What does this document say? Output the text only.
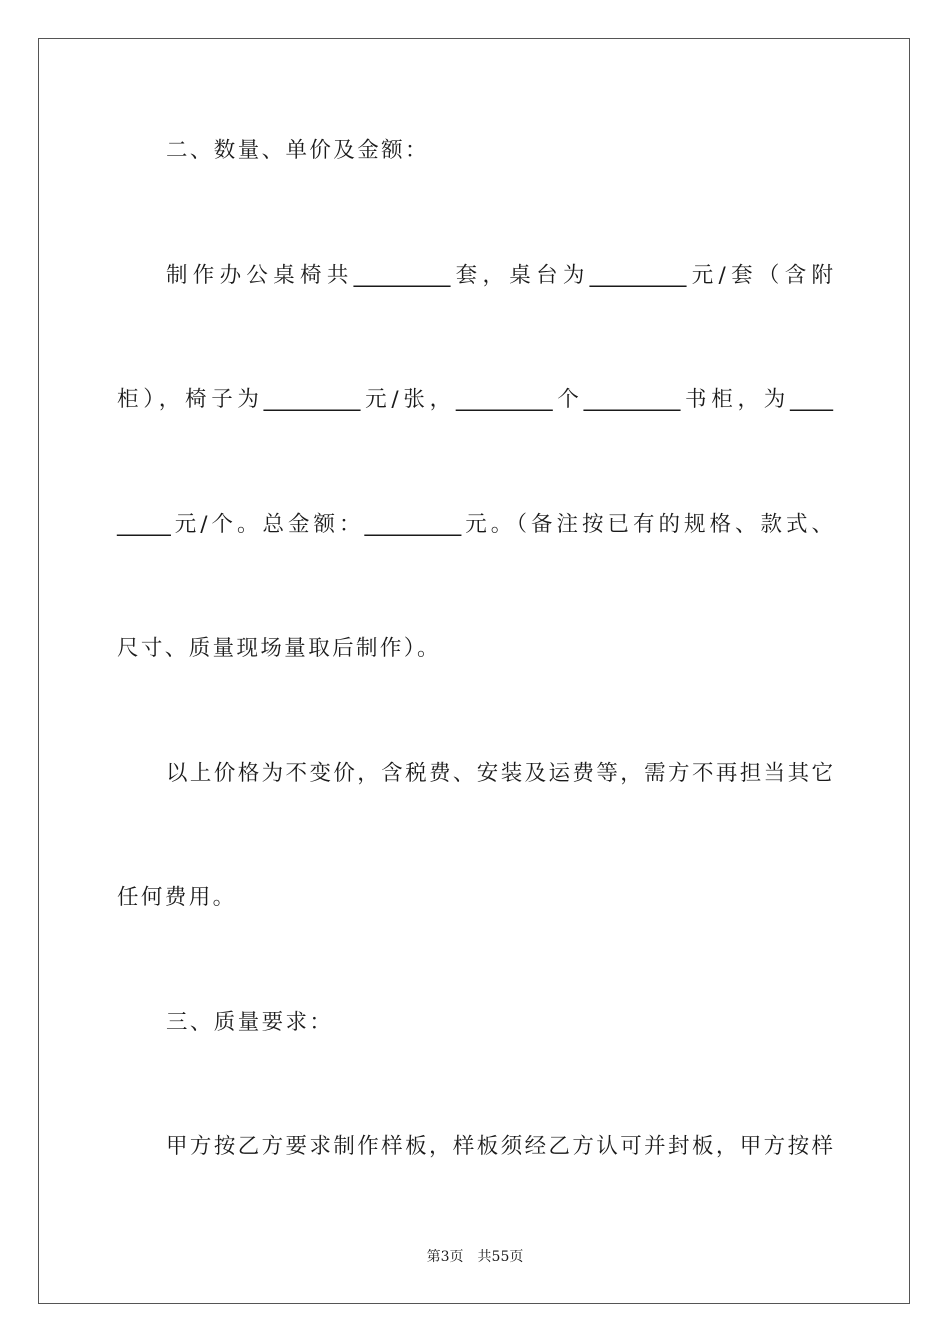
二、数量、单价及金额：
制作办公桌椅共_________套，桌台为_________元/套（含附
柜），椅子为_________元/张，_________个_________书柜，为____
_____元/个。总金额：_________元。（备注按已有的规格、款式、
尺寸、质量现场量取后制作）。
以上价格为不变价，含税费、安装及运费等，需方不再担当其它
任何费用。
三、质量要求：
甲方按乙方要求制作样板，样板须经乙方认可并封板，甲方按样
第3页　共55页
